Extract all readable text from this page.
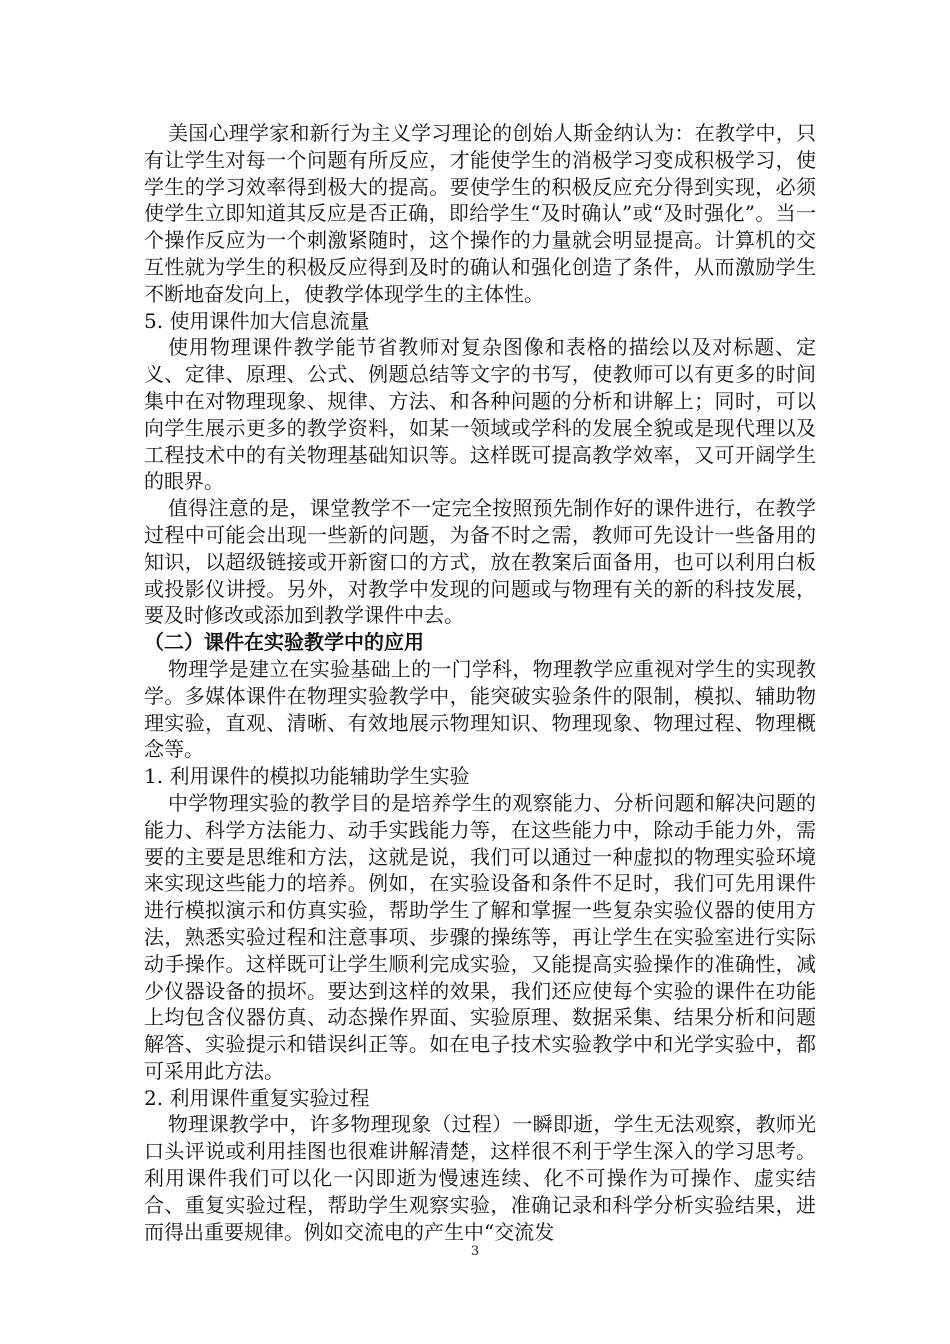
美国心理学家和新行为主义学习理论的创始人斯金纳认为：在教学中，只有让学生对每一个问题有所反应，才能使学生的消极学习变成积极学习，使学生的学习效率得到极大的提高。要使学生的积极反应充分得到实现，必须使学生立即知道其反应是否正确，即给学生“及时确认”或“及时强化”。当一个操作反应为一个刺激紧随时，这个操作的力量就会明显提高。计算机的交互性就为学生的积极反应得到及时的确认和强化创造了条件，从而激励学生不断地奋发向上，使教学体现学生的主体性。

5. 使用课件加大信息流量

使用物理课件教学能节省教师对复杂图像和表格的描绘以及对标题、定义、定律、原理、公式、例题总结等文字的书写，使教师可以有更多的时间集中在对物理现象、规律、方法、和各种问题的分析和讲解上；同时，可以向学生展示更多的教学资料，如某一领域或学科的发展全貌或是现代理以及工程技术中的有关物理基础知识等。这样既可提高教学效率，又可开阔学生的眼界。

值得注意的是，课堂教学不一定完全按照预先制作好的课件进行，在教学过程中可能会出现一些新的问题，为备不时之需，教师可先设计一些备用的知识，以超级链接或开新窗口的方式，放在教案后面备用，也可以利用白板或投影仪讲授。另外，对教学中发现的问题或与物理有关的新的科技发展，要及时修改或添加到教学课件中去。

（二）课件在实验教学中的应用

物理学是建立在实验基础上的一门学科，物理教学应重视对学生的实现教学。多媒体课件在物理实验教学中，能突破实验条件的限制，模拟、辅助物理实验，直观、清晰、有效地展示物理知识、物理现象、物理过程、物理概念等。

1. 利用课件的模拟功能辅助学生实验

中学物理实验的教学目的是培养学生的观察能力、分析问题和解决问题的能力、科学方法能力、动手实践能力等，在这些能力中，除动手能力外，需要的主要是思维和方法，这就是说，我们可以通过一种虚拟的物理实验环境来实现这些能力的培养。例如，在实验设备和条件不足时，我们可先用课件进行模拟演示和仿真实验，帮助学生了解和掌握一些复杂实验仪器的使用方法，熟悉实验过程和注意事项、步骤的操练等，再让学生在实验室进行实际动手操作。这样既可让学生顺利完成实验，又能提高实验操作的准确性，减少仪器设备的损坏。要达到这样的效果，我们还应使每个实验的课件在功能上均包含仪器仿真、动态操作界面、实验原理、数据采集、结果分析和问题解答、实验提示和错误纠正等。如在电子技术实验教学中和光学实验中，都可采用此方法。

2. 利用课件重复实验过程

物理课教学中，许多物理现象（过程）一瞬即逝，学生无法观察，教师光口头评说或利用挂图也很难讲解清楚，这样很不利于学生深入的学习思考。利用课件我们可以化一闪即逝为慢速连续、化不可操作为可操作、虚实结合、重复实验过程，帮助学生观察实验，准确记录和科学分析实验结果，进而得出重要规律。例如交流电的产生中“交流发

3
